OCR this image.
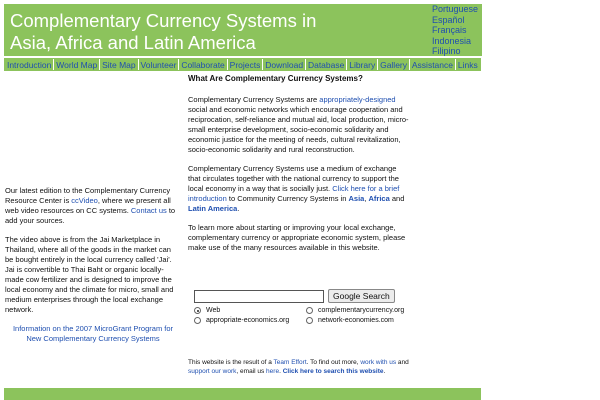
Complementary Currency Systems in
Asia, Africa and Latin America
Portuguese
Español
Français
Indonesia
Filipino
Introduction World Map Site Map Volunteer Collaborate Projects Download Database Library Gallery Assistance Links

Our latest edition to the Complementary Currency Resource Center is ccVideo, where we present all web video resources on CC systems. Contact us to add your sources.

The video above is from the Jai Marketplace in Thailand, where all of the goods in the market can be bought entirely in the local currency called 'Jai'. Jai is convertible to Thai Baht or organic locally-made cow fertilizer and is designed to improve the local economy and the climate for micro, small and medium enterprises through the local exchange network.

Information on the 2007 MicroGrant Program for New Complementary Currency Systems

What Are Complementary Currency Systems?

Complementary Currency Systems are appropriately-designed social and economic networks which encourage cooperation and reciprocation, self-reliance and mutual aid, local production, micro-small enterprise development, socio-economic solidarity and economic justice for the meeting of needs, cultural revitalization, socio-economic solidarity and rural reconstruction.

Complementary Currency Systems use a medium of exchange that circulates together with the national currency to support the local economy in a way that is socially just. Click here for a brief introduction to Community Currency Systems in Asia, Africa and Latin America.

To learn more about starting or improving your local exchange, complementary currency or appropriate economic system, please make use of the many resources available in this website.

Google Search
Web	complementarycurrency.org
appropriate-economics.org	network-economies.com
This website is the result of a Team Effort. To find out more, work with us and support our work, email us here. Click here to search this website.
